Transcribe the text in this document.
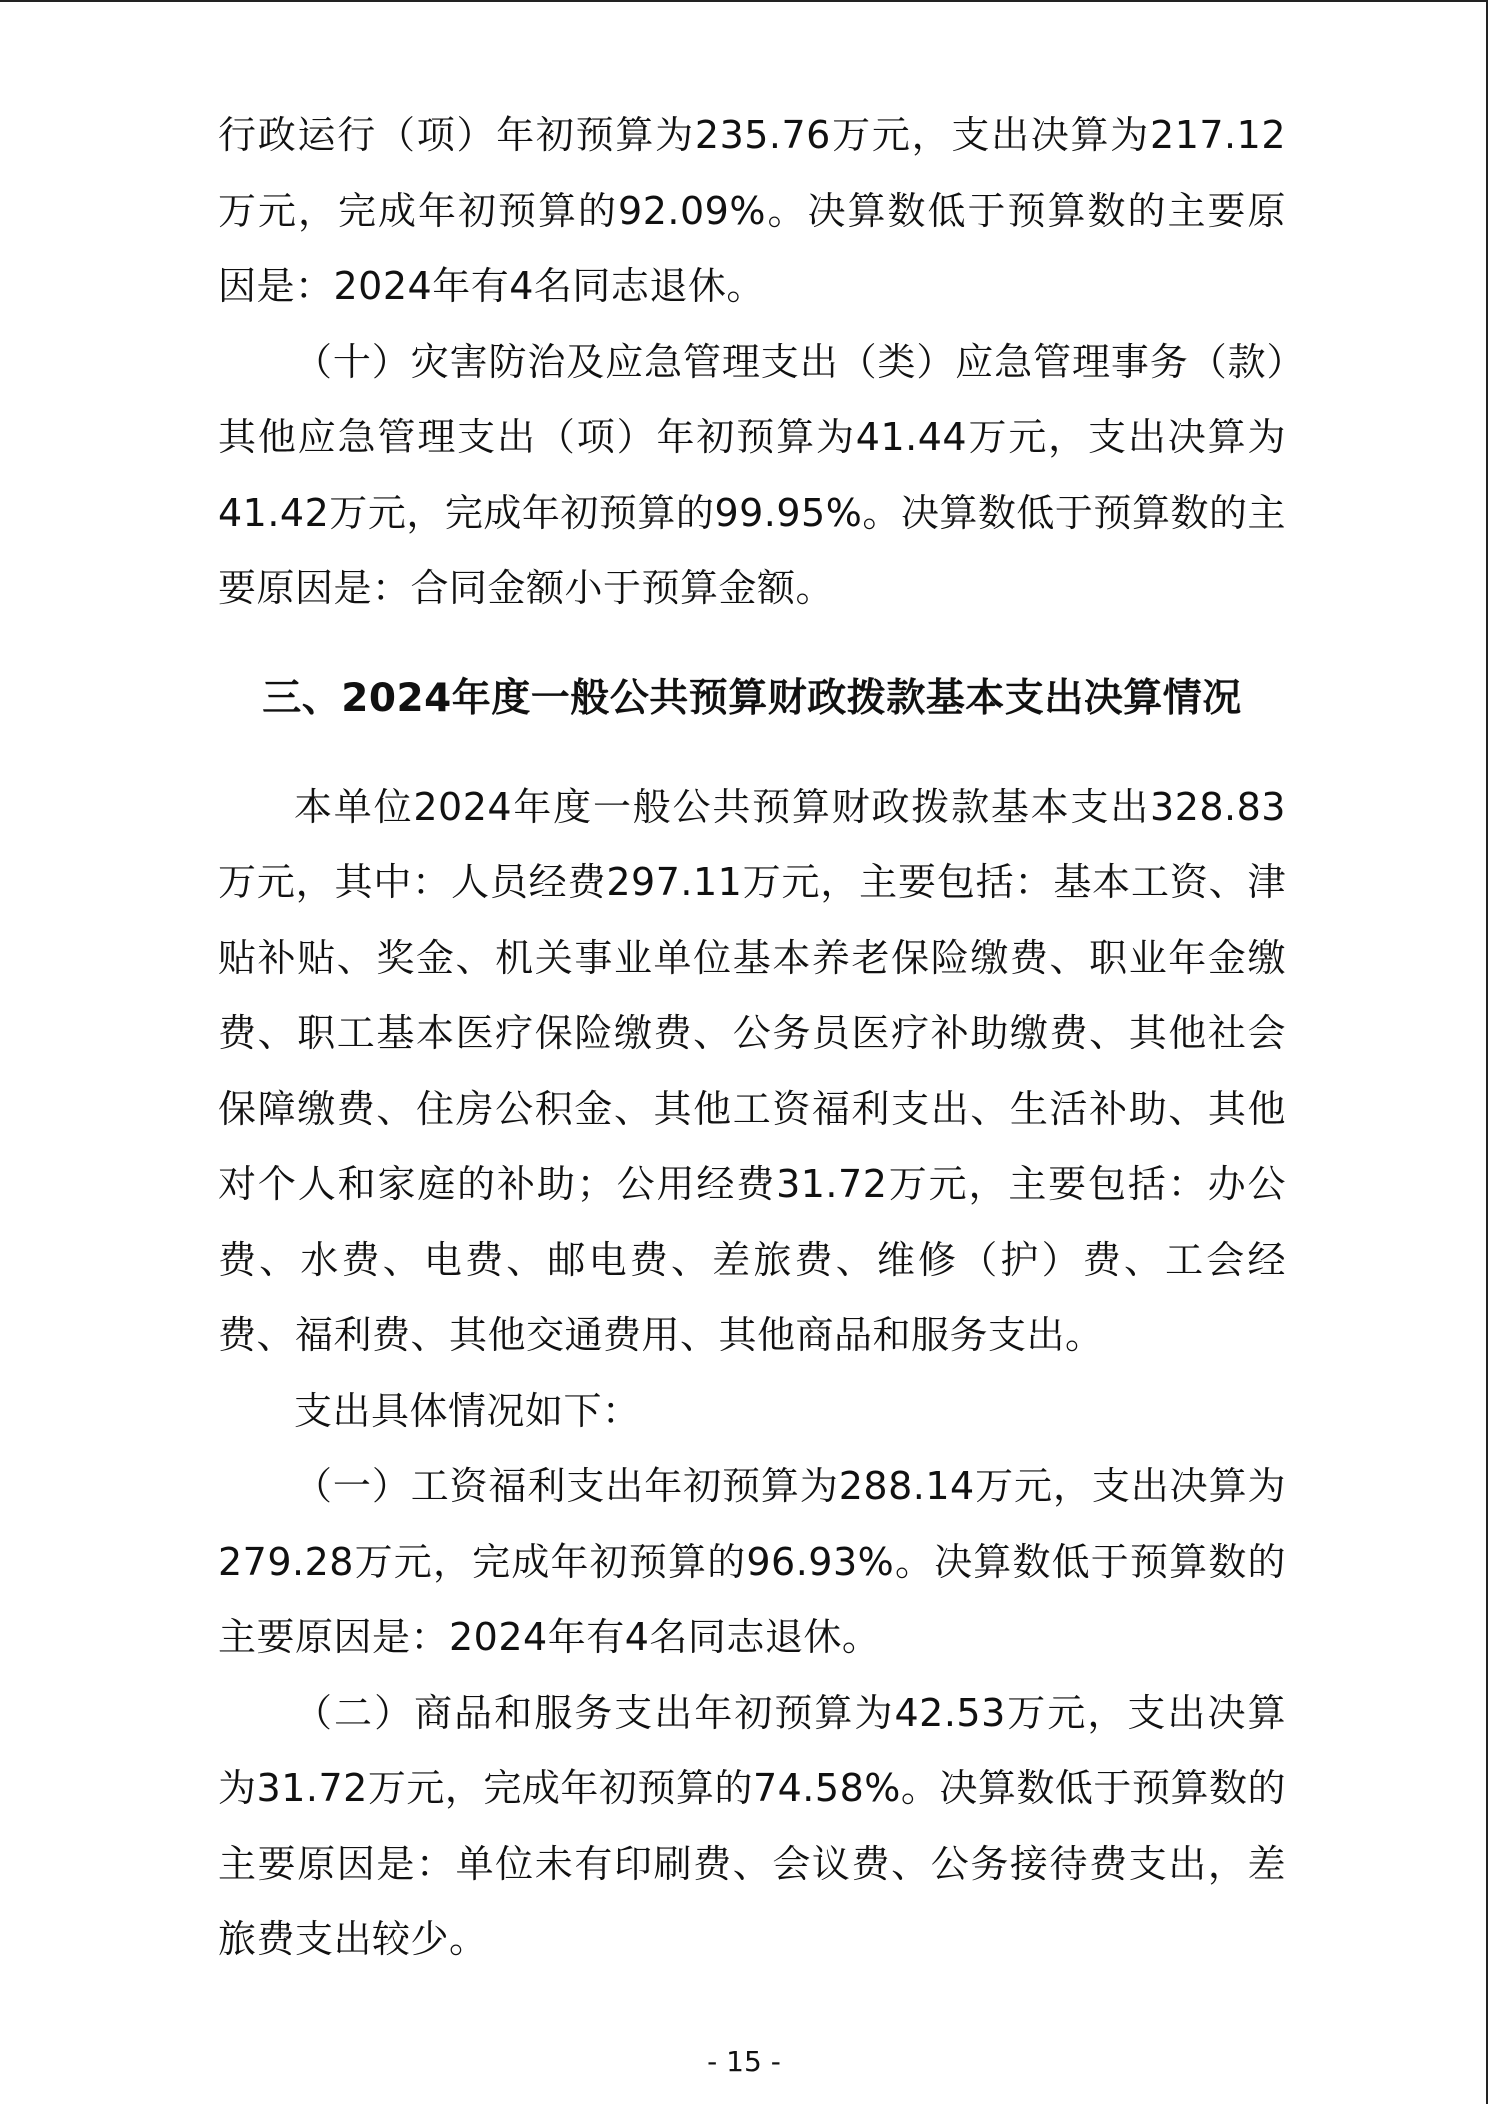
行政运行（项）年初预算为235.76万元，支出决算为217.12万元，完成年初预算的92.09%。决算数低于预算数的主要原因是：2024年有4名同志退休。

（十）灾害防治及应急管理支出（类）应急管理事务（款）其他应急管理支出（项）年初预算为41.44万元，支出决算为41.42万元，完成年初预算的99.95%。决算数低于预算数的主要原因是：合同金额小于预算金额。

三、2024年度一般公共预算财政拨款基本支出决算情况

本单位2024年度一般公共预算财政拨款基本支出328.83万元，其中：人员经费297.11万元，主要包括：基本工资、津贴补贴、奖金、机关事业单位基本养老保险缴费、职业年金缴费、职工基本医疗保险缴费、公务员医疗补助缴费、其他社会保障缴费、住房公积金、其他工资福利支出、生活补助、其他对个人和家庭的补助；公用经费31.72万元，主要包括：办公费、水费、电费、邮电费、差旅费、维修（护）费、工会经费、福利费、其他交通费用、其他商品和服务支出。

支出具体情况如下：

（一）工资福利支出年初预算为288.14万元，支出决算为279.28万元，完成年初预算的96.93%。决算数低于预算数的主要原因是：2024年有4名同志退休。

（二）商品和服务支出年初预算为42.53万元，支出决算为31.72万元，完成年初预算的74.58%。决算数低于预算数的主要原因是：单位未有印刷费、会议费、公务接待费支出，差旅费支出较少。

- 15 -
